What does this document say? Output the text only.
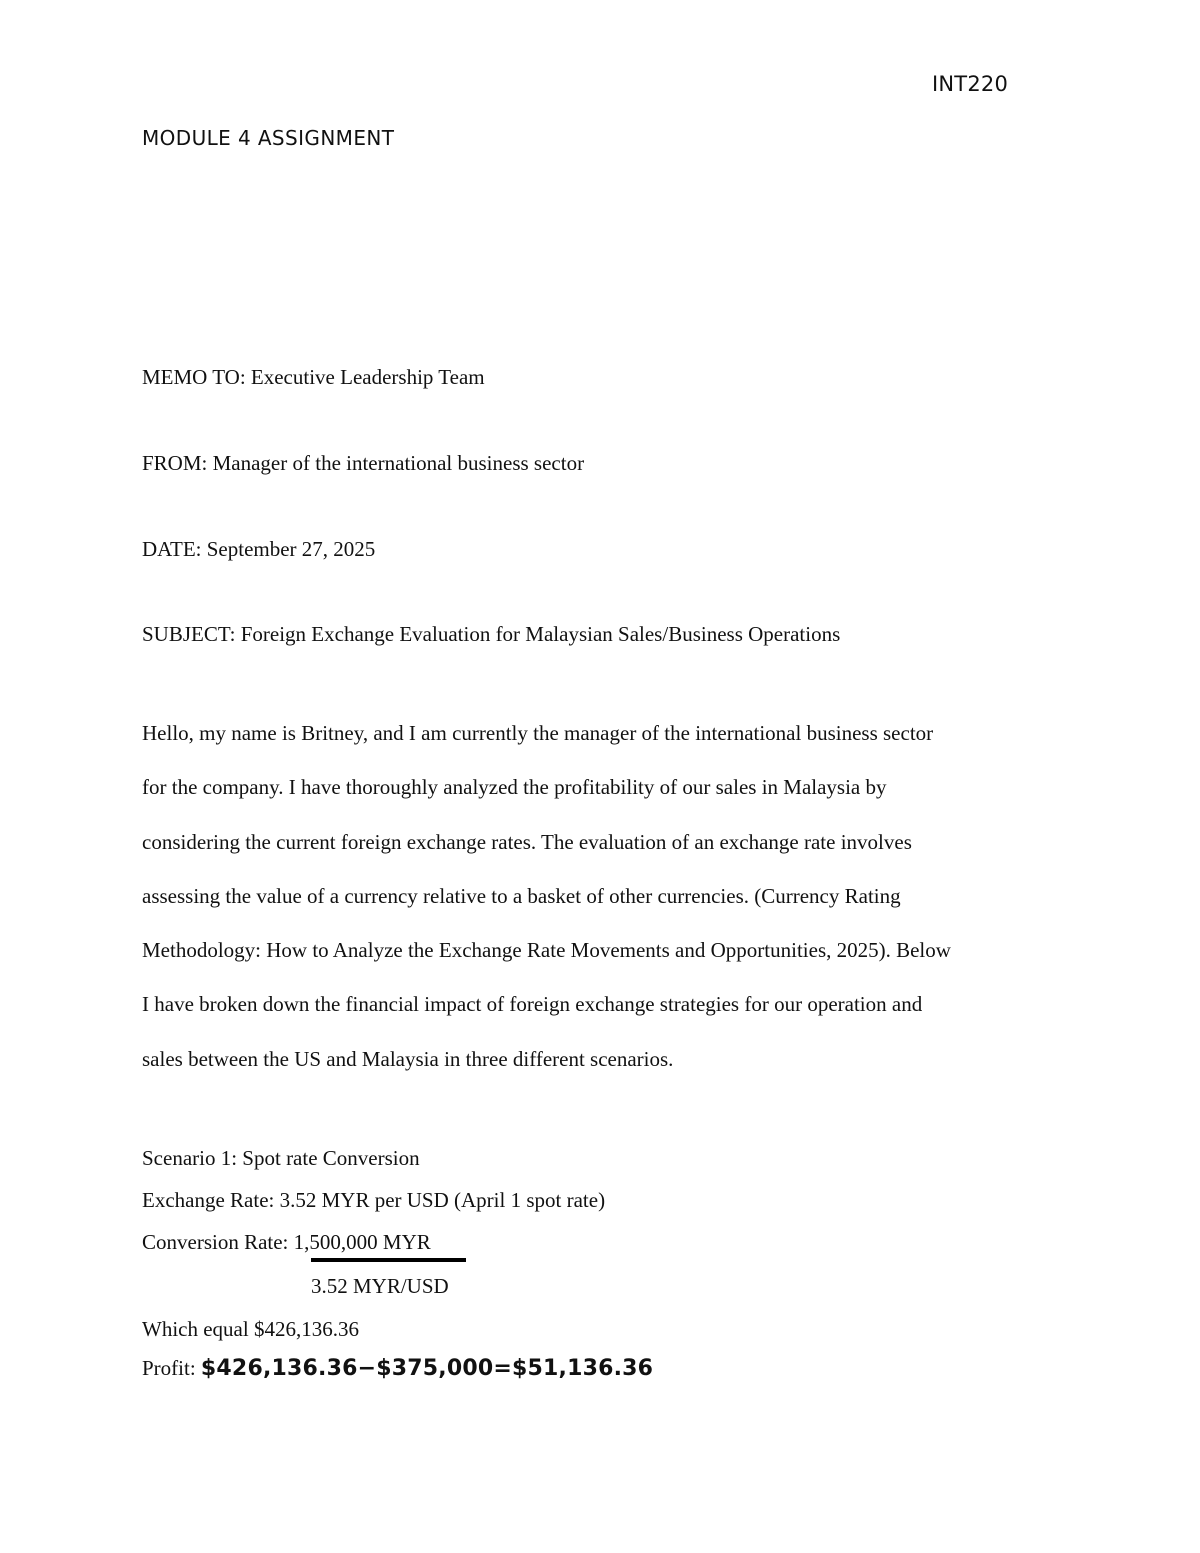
INT220
MODULE 4 ASSIGNMENT
MEMO TO: Executive Leadership Team
FROM: Manager of the international business sector
DATE: September 27, 2025
SUBJECT: Foreign Exchange Evaluation for Malaysian Sales/Business Operations
Hello, my name is Britney, and I am currently the manager of the international business sector
for the company. I have thoroughly analyzed the profitability of our sales in Malaysia by
considering the current foreign exchange rates. The evaluation of an exchange rate involves
assessing the value of a currency relative to a basket of other currencies. (Currency Rating
Methodology: How to Analyze the Exchange Rate Movements and Opportunities, 2025). Below
I have broken down the financial impact of foreign exchange strategies for our operation and
sales between the US and Malaysia in three different scenarios.
Scenario 1: Spot rate Conversion
Exchange Rate: 3.52 MYR per USD (April 1 spot rate)
Conversion Rate: 1,500,000 MYR
3.52 MYR/USD
Which equal $426,136.36
Profit: $426,136.36−$375,000=$51,136.36
